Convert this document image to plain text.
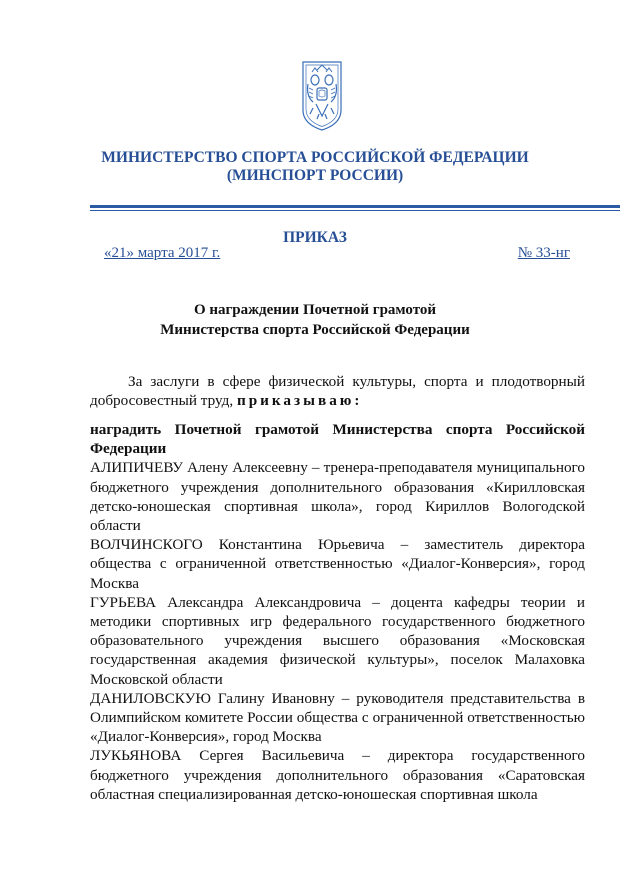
МИНИСТЕРСТВО СПОРТА РОССИЙСКОЙ ФЕДЕРАЦИИ
(МИНСПОРТ РОССИИ)
ПРИКАЗ
«21» марта 2017 г.	№ 33-нг
О награждении Почетной грамотой
Министерства спорта Российской Федерации

За заслуги в сфере физической культуры, спорта и плодотворный добросовестный труд, приказываю:

наградить Почетной грамотой Министерства спорта Российской Федерации

АЛИПИЧЕВУ Алену Алексеевну – тренера-преподавателя муниципального бюджетного учреждения дополнительного образования «Кирилловская детско-юношеская спортивная школа», город Кириллов Вологодской области

ВОЛЧИНСКОГО Константина Юрьевича – заместитель директора общества с ограниченной ответственностью «Диалог-Конверсия», город Москва

ГУРЬЕВА Александра Александровича – доцента кафедры теории и методики спортивных игр федерального государственного бюджетного образовательного учреждения высшего образования «Московская государственная академия физической культуры», поселок Малаховка Московской области

ДАНИЛОВСКУЮ Галину Ивановну – руководителя представительства в Олимпийском комитете России общества с ограниченной ответственностью «Диалог-Конверсия», город Москва

ЛУКЬЯНОВА Сергея Васильевича – директора государственного бюджетного учреждения дополнительного образования «Саратовская областная специализированная детско-юношеская спортивная школа
